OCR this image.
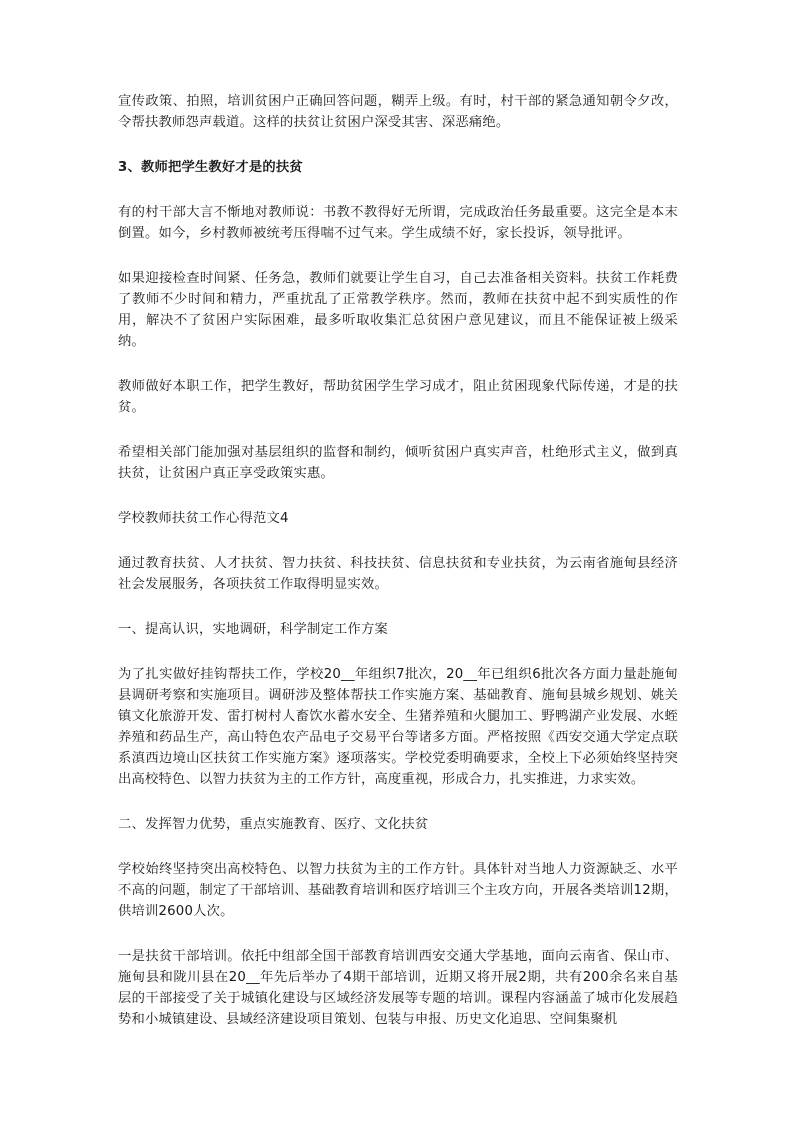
宣传政策、拍照，培训贫困户正确回答问题，糊弄上级。有时，村干部的紧急通知朝令夕改，令帮扶教师怨声载道。这样的扶贫让贫困户深受其害、深恶痛绝。

3、教师把学生教好才是的扶贫

有的村干部大言不惭地对教师说：书教不教得好无所谓，完成政治任务最重要。这完全是本末倒置。如今，乡村教师被统考压得喘不过气来。学生成绩不好，家长投诉，领导批评。

如果迎接检查时间紧、任务急，教师们就要让学生自习，自己去准备相关资料。扶贫工作耗费了教师不少时间和精力，严重扰乱了正常教学秩序。然而，教师在扶贫中起不到实质性的作用，解决不了贫困户实际困难，最多听取收集汇总贫困户意见建议，而且不能保证被上级采纳。

教师做好本职工作，把学生教好，帮助贫困学生学习成才，阻止贫困现象代际传递，才是的扶贫。

希望相关部门能加强对基层组织的监督和制约，倾听贫困户真实声音，杜绝形式主义，做到真扶贫，让贫困户真正享受政策实惠。

学校教师扶贫工作心得范文4

通过教育扶贫、人才扶贫、智力扶贫、科技扶贫、信息扶贫和专业扶贫，为云南省施甸县经济社会发展服务，各项扶贫工作取得明显实效。

一、提高认识，实地调研，科学制定工作方案

为了扎实做好挂钩帮扶工作，学校20__年组织7批次，20__年已组织6批次各方面力量赴施甸县调研考察和实施项目。调研涉及整体帮扶工作实施方案、基础教育、施甸县城乡规划、姚关镇文化旅游开发、雷打树村人畜饮水蓄水安全、生猪养殖和火腿加工、野鸭湖产业发展、水蛭养殖和药品生产，高山特色农产品电子交易平台等诸多方面。严格按照《西安交通大学定点联系滇西边境山区扶贫工作实施方案》逐项落实。学校党委明确要求，全校上下必须始终坚持突出高校特色、以智力扶贫为主的工作方针，高度重视，形成合力，扎实推进，力求实效。

二、发挥智力优势，重点实施教育、医疗、文化扶贫

学校始终坚持突出高校特色、以智力扶贫为主的工作方针。具体针对当地人力资源缺乏、水平不高的问题，制定了干部培训、基础教育培训和医疗培训三个主攻方向，开展各类培训12期，供培训2600人次。

一是扶贫干部培训。依托中组部全国干部教育培训西安交通大学基地，面向云南省、保山市、施甸县和陇川县在20__年先后举办了4期干部培训，近期又将开展2期，共有200余名来自基层的干部接受了关于城镇化建设与区域经济发展等专题的培训。课程内容涵盖了城市化发展趋势和小城镇建设、县域经济建设项目策划、包装与申报、历史文化追思、空间集聚机
